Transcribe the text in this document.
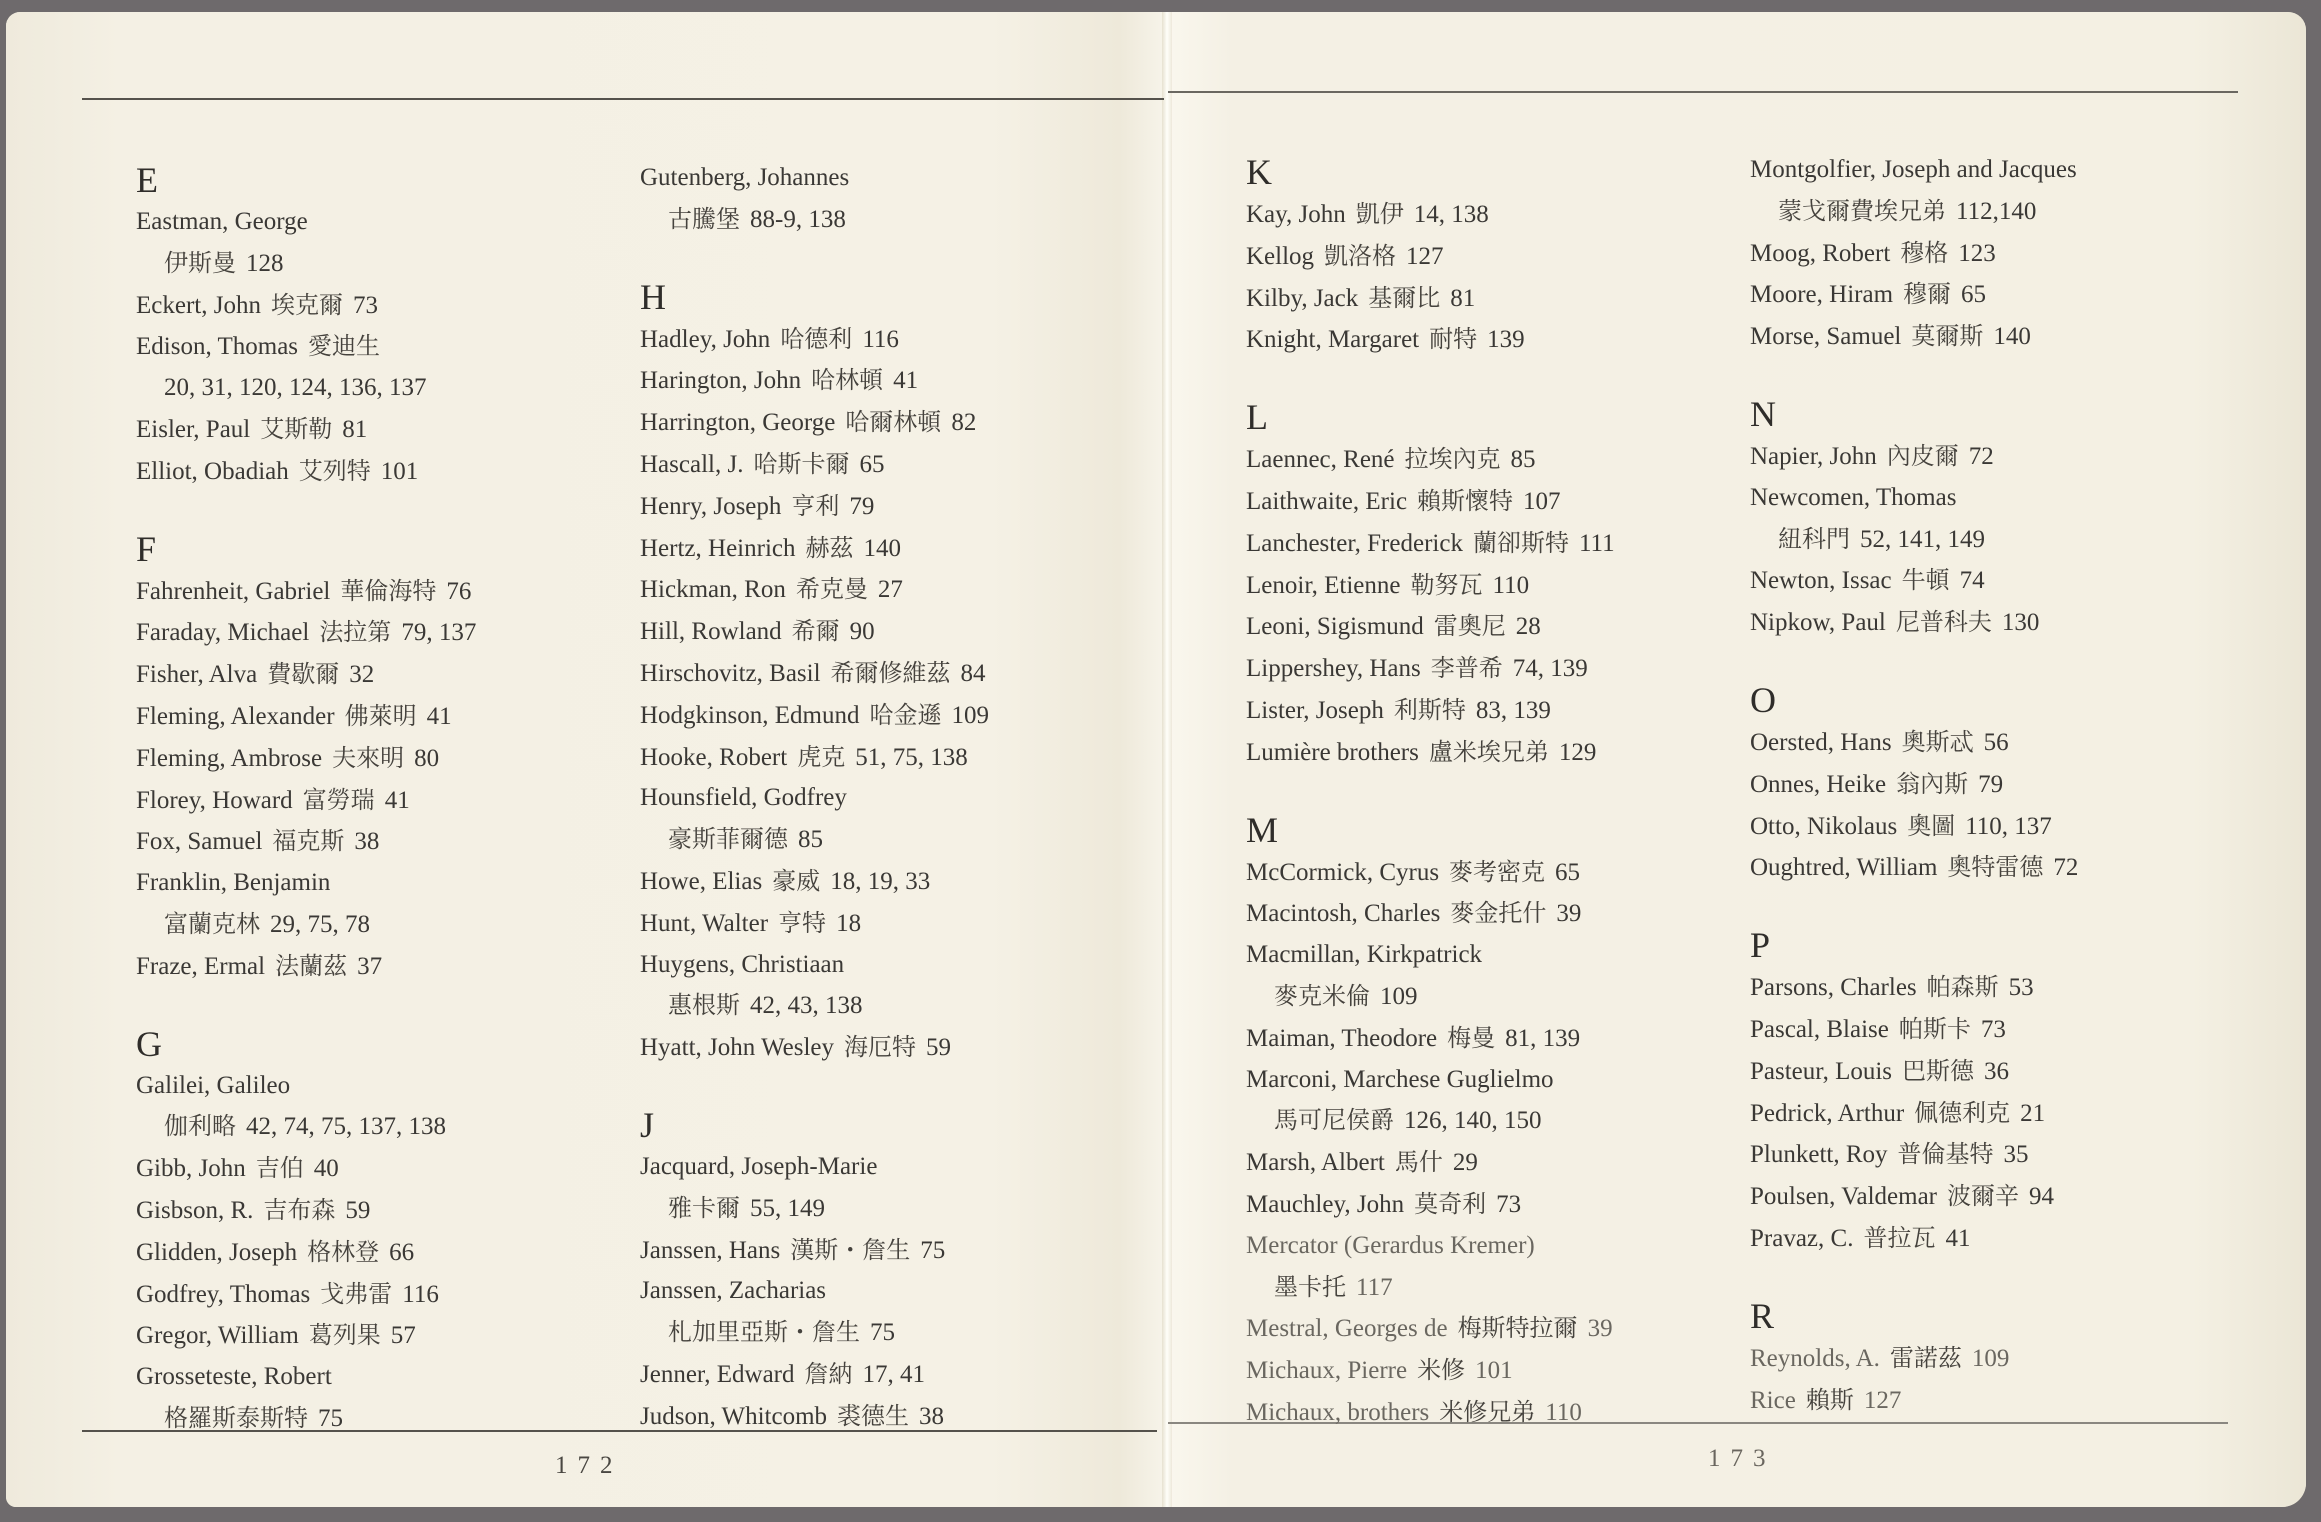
172	173
E
Eastman, George
伊斯曼 128
Eckert, John 埃克爾 73
Edison, Thomas 愛迪生
20, 31, 120, 124, 136, 137
Eisler, Paul 艾斯勒 81
Elliot, Obadiah 艾列特 101
F
Fahrenheit, Gabriel 華倫海特 76
Faraday, Michael 法拉第 79, 137
Fisher, Alva 費歇爾 32
Fleming, Alexander 佛萊明 41
Fleming, Ambrose 夫來明 80
Florey, Howard 富勞瑞 41
Fox, Samuel 福克斯 38
Franklin, Benjamin
富蘭克林 29, 75, 78
Fraze, Ermal 法蘭茲 37
G
Galilei, Galileo
伽利略 42, 74, 75, 137, 138
Gibb, John 吉伯 40
Gisbson, R. 吉布森 59
Glidden, Joseph 格林登 66
Godfrey, Thomas 戈弗雷 116
Gregor, William 葛列果 57
Grosseteste, Robert
格羅斯泰斯特 75
Gutenberg, Johannes
古騰堡 88-9, 138
H
Hadley, John 哈德利 116
Harington, John 哈林頓 41
Harrington, George 哈爾林頓 82
Hascall, J. 哈斯卡爾 65
Henry, Joseph 亨利 79
Hertz, Heinrich 赫茲 140
Hickman, Ron 希克曼 27
Hill, Rowland 希爾 90
Hirschovitz, Basil 希爾修維茲 84
Hodgkinson, Edmund 哈金遜 109
Hooke, Robert 虎克 51, 75, 138
Hounsfield, Godfrey
豪斯菲爾德 85
Howe, Elias 豪威 18, 19, 33
Hunt, Walter 亨特 18
Huygens, Christiaan
惠根斯 42, 43, 138
Hyatt, John Wesley 海厄特 59
J
Jacquard, Joseph-Marie
雅卡爾 55, 149
Janssen, Hans 漢斯・詹生 75
Janssen, Zacharias
札加里亞斯・詹生 75
Jenner, Edward 詹納 17, 41
Judson, Whitcomb 裘德生 38
K
Kay, John 凱伊 14, 138
Kellog 凱洛格 127
Kilby, Jack 基爾比 81
Knight, Margaret 耐特 139
L
Laennec, René 拉埃內克 85
Laithwaite, Eric 賴斯懷特 107
Lanchester, Frederick 蘭卻斯特 111
Lenoir, Etienne 勒努瓦 110
Leoni, Sigismund 雷奧尼 28
Lippershey, Hans 李普希 74, 139
Lister, Joseph 利斯特 83, 139
Lumière brothers 盧米埃兄弟 129
M
McCormick, Cyrus 麥考密克 65
Macintosh, Charles 麥金托什 39
Macmillan, Kirkpatrick
麥克米倫 109
Maiman, Theodore 梅曼 81, 139
Marconi, Marchese Guglielmo
馬可尼侯爵 126, 140, 150
Marsh, Albert 馬什 29
Mauchley, John 莫奇利 73
Mercator (Gerardus Kremer)
墨卡托 117
Mestral, Georges de 梅斯特拉爾 39
Michaux, Pierre 米修 101
Michaux, brothers 米修兄弟 110
Montgolfier, Joseph and Jacques
蒙戈爾費埃兄弟 112,140
Moog, Robert 穆格 123
Moore, Hiram 穆爾 65
Morse, Samuel 莫爾斯 140
N
Napier, John 內皮爾 72
Newcomen, Thomas
紐科門 52, 141, 149
Newton, Issac 牛頓 74
Nipkow, Paul 尼普科夫 130
O
Oersted, Hans 奧斯忒 56
Onnes, Heike 翁內斯 79
Otto, Nikolaus 奧圖 110, 137
Oughtred, William 奧特雷德 72
P
Parsons, Charles 帕森斯 53
Pascal, Blaise 帕斯卡 73
Pasteur, Louis 巴斯德 36
Pedrick, Arthur 佩德利克 21
Plunkett, Roy 普倫基特 35
Poulsen, Valdemar 波爾辛 94
Pravaz, C. 普拉瓦 41
R
Reynolds, A. 雷諾茲 109
Rice 賴斯 127
